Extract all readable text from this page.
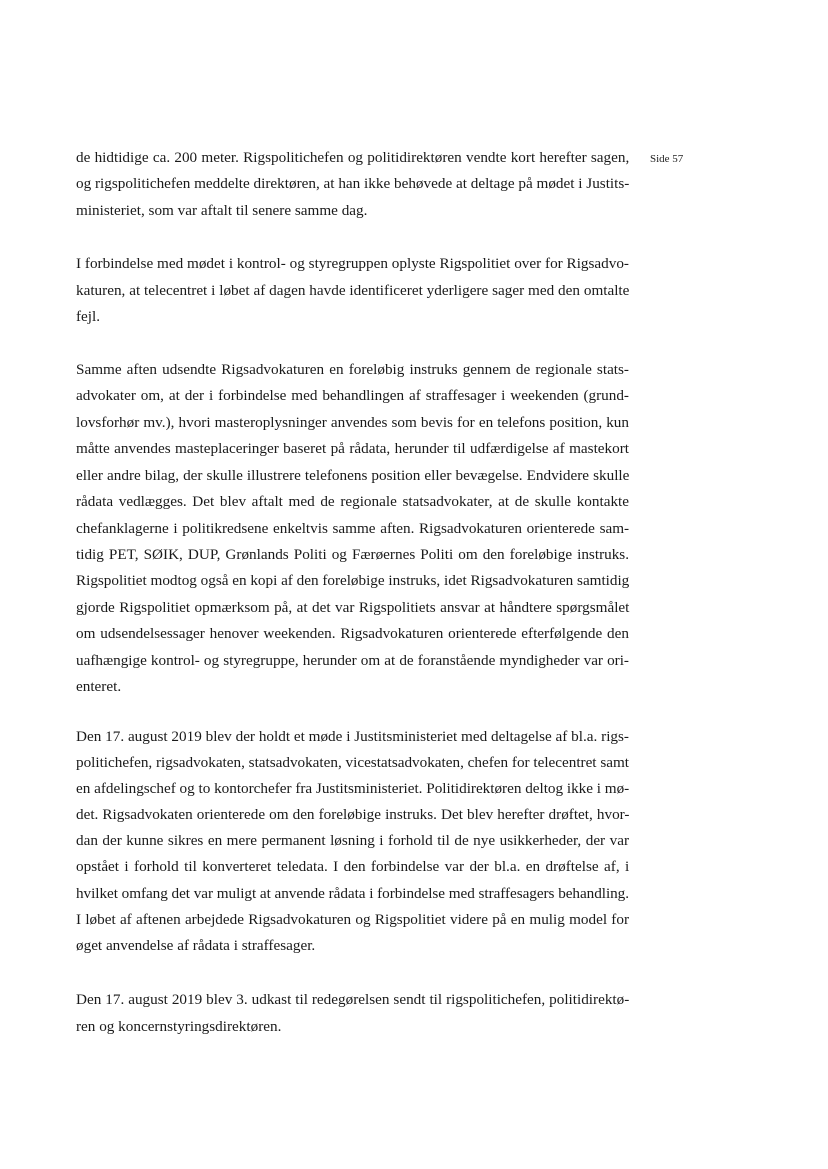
Side 57
de hidtidige ca. 200 meter. Rigspolitichefen og politidirektøren vendte kort herefter sagen,
og rigspolitichefen meddelte direktøren, at han ikke behøvede at deltage på mødet i Justits-
ministeriet, som var aftalt til senere samme dag.
I forbindelse med mødet i kontrol- og styregruppen oplyste Rigspolitiet over for Rigsadvo-
katuren, at telecentret i løbet af dagen havde identificeret yderligere sager med den omtalte
fejl.
Samme aften udsendte Rigsadvokaturen en foreløbig instruks gennem de regionale stats-
advokater om, at der i forbindelse med behandlingen af straffesager i weekenden (grund-
lovsforhør mv.), hvori masteroplysninger anvendes som bevis for en telefons position, kun
måtte anvendes masteplaceringer baseret på rådata, herunder til udfærdigelse af mastekort
eller andre bilag, der skulle illustrere telefonens position eller bevægelse. Endvidere skulle
rådata vedlægges. Det blev aftalt med de regionale statsadvokater, at de skulle kontakte
chefanklagerne i politikredsene enkeltvis samme aften. Rigsadvokaturen orienterede sam-
tidig PET, SØIK, DUP, Grønlands Politi og Færøernes Politi om den foreløbige instruks.
Rigspolitiet modtog også en kopi af den foreløbige instruks, idet Rigsadvokaturen samtidig
gjorde Rigspolitiet opmærksom på, at det var Rigspolitiets ansvar at håndtere spørgsmålet
om udsendelsessager henover weekenden. Rigsadvokaturen orienterede efterfølgende den
uafhængige kontrol- og styregruppe, herunder om at de foranstående myndigheder var ori-
enteret.
Den 17. august 2019 blev der holdt et møde i Justitsministeriet med deltagelse af bl.a. rigs-
politichefen, rigsadvokaten, statsadvokaten, vicestatsadvokaten, chefen for telecentret samt
en afdelingschef og to kontorchefer fra Justitsministeriet. Politidirektøren deltog ikke i mø-
det. Rigsadvokaten orienterede om den foreløbige instruks. Det blev herefter drøftet, hvor-
dan der kunne sikres en mere permanent løsning i forhold til de nye usikkerheder, der var
opstået i forhold til konverteret teledata. I den forbindelse var der bl.a. en drøftelse af, i
hvilket omfang det var muligt at anvende rådata i forbindelse med straffesagers behandling.
I løbet af aftenen arbejdede Rigsadvokaturen og Rigspolitiet videre på en mulig model for
øget anvendelse af rådata i straffesager.
Den 17. august 2019 blev 3. udkast til redegørelsen sendt til rigspolitichefen, politidirektø-
ren og koncernstyringsdirektøren.
